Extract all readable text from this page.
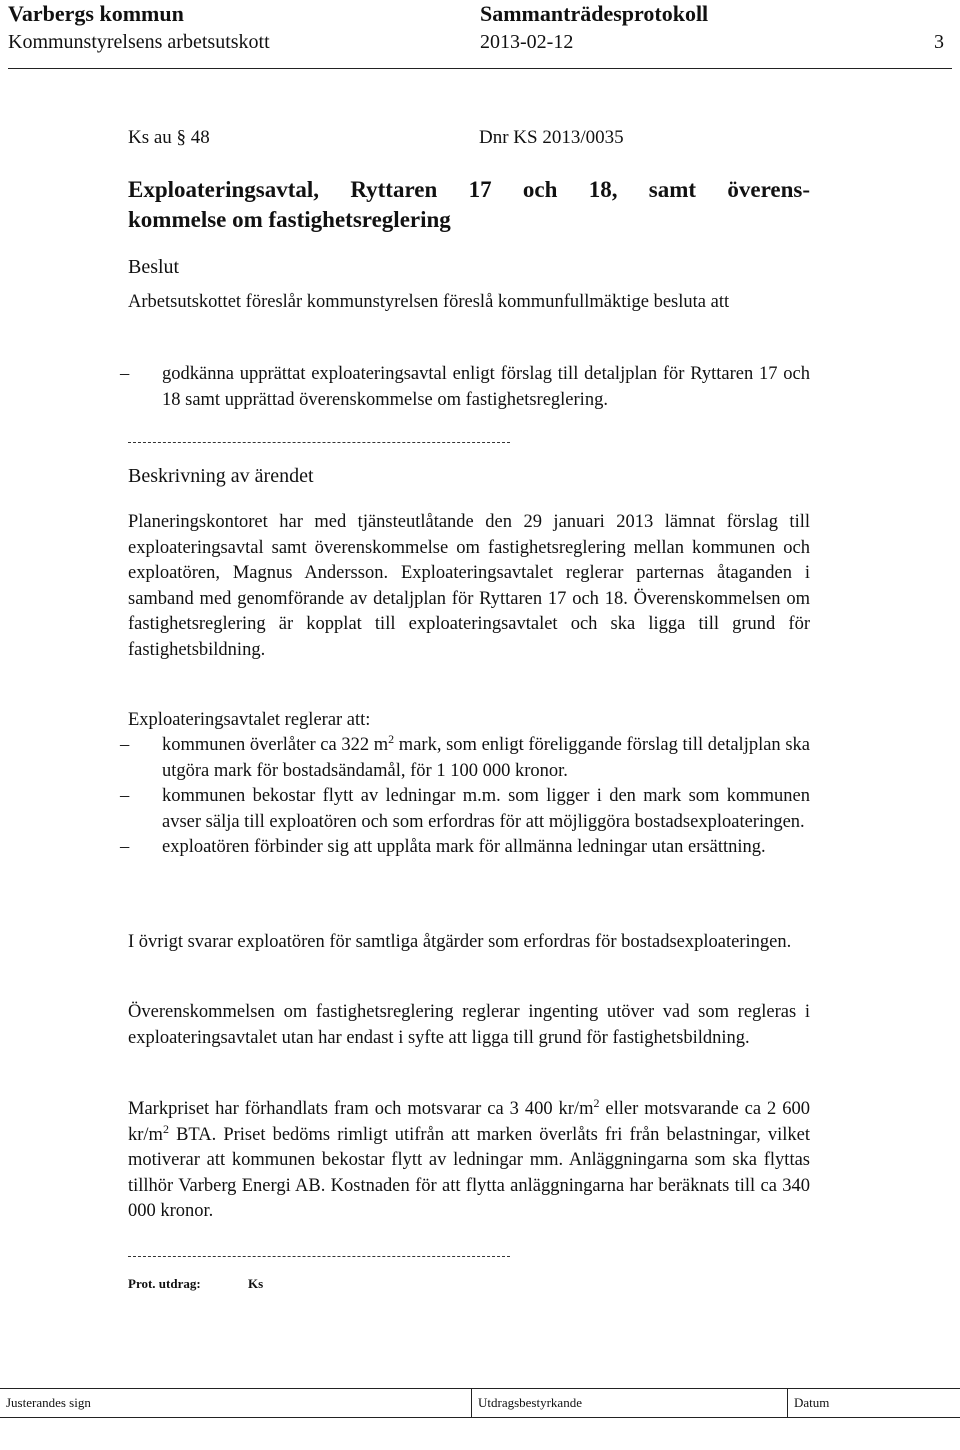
Varbergs kommun	Sammanträdesprotokoll
Kommunstyrelsens arbetsutskott	2013-02-12	3
Ks au § 48	Dnr KS 2013/0035
Exploateringsavtal, Ryttaren 17 och 18, samt överens-
kommelse om fastighetsreglering
Beslut
Arbetsutskottet föreslår kommunstyrelsen föreslå kommunfullmäktige besluta att
– godkänna upprättat exploateringsavtal enligt förslag till detaljplan för Ryttaren 17 och 18 samt upprättad överenskommelse om fastighetsreglering.
Beskrivning av ärendet
Planeringskontoret har med tjänsteutlåtande den 29 januari 2013 lämnat förslag till exploateringsavtal samt överenskommelse om fastighetsreglering mellan kommunen och exploatören, Magnus Andersson. Exploateringsavtalet reglerar parternas åtaganden i samband med genomförande av detaljplan för Ryttaren 17 och 18. Överenskommelsen om fastighetsreglering är kopplat till exploateringsavtalet och ska ligga till grund för fastighetsbildning.
Exploateringsavtalet reglerar att:
– kommunen överlåter ca 322 $m^2$ mark, som enligt föreliggande förslag till detaljplan ska utgöra mark för bostadsändamål, för 1 100 000 kronor.
– kommunen bekostar flytt av ledningar m.m. som ligger i den mark som kommunen avser sälja till exploatören och som erfordras för att möjliggöra bostadsexploateringen.
– exploatören förbinder sig att upplåta mark för allmänna ledningar utan ersättning.
I övrigt svarar exploatören för samtliga åtgärder som erfordras för bostadsexploateringen.
Överenskommelsen om fastighetsreglering reglerar ingenting utöver vad som regleras i exploateringsavtalet utan har endast i syfte att ligga till grund för fastighetsbildning.
Markpriset har förhandlats fram och motsvarar ca 3 400 $kr/m^2$ eller motsvarande ca 2 600 $kr/m^2$ BTA. Priset bedöms rimligt utifrån att marken överlåts fri från belastningar, vilket motiverar att kommunen bekostar flytt av ledningar mm. Anläggningarna som ska flyttas tillhör Varberg Energi AB. Kostnaden för att flytta anläggningarna har beräknats till ca 340 000 kronor.
Prot. utdrag:	Ks
Justerandes sign	Utdragsbestyrkande	Datum
